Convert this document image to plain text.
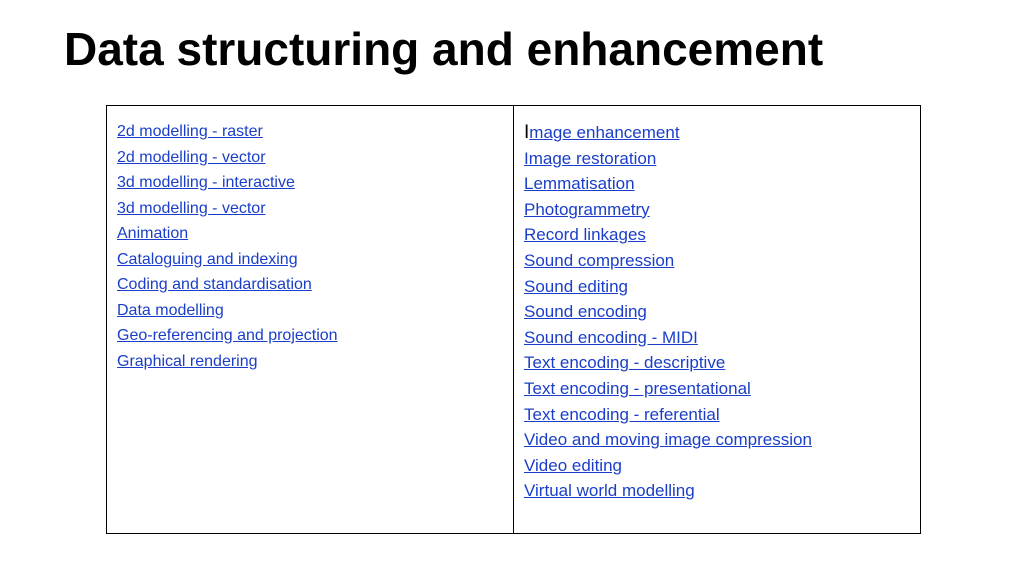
Data structuring and enhancement
2d modelling - raster
2d modelling - vector
3d modelling - interactive
3d modelling - vector
Animation
Cataloguing and indexing
Coding and standardisation
Data modelling
Geo-referencing and projection
Graphical rendering

Image enhancement
Image restoration
Lemmatisation
Photogrammetry
Record linkages
Sound compression
Sound editing
Sound encoding
Sound encoding - MIDI
Text encoding - descriptive
Text encoding - presentational
Text encoding - referential
Video and moving image compression
Video editing
Virtual world modelling
